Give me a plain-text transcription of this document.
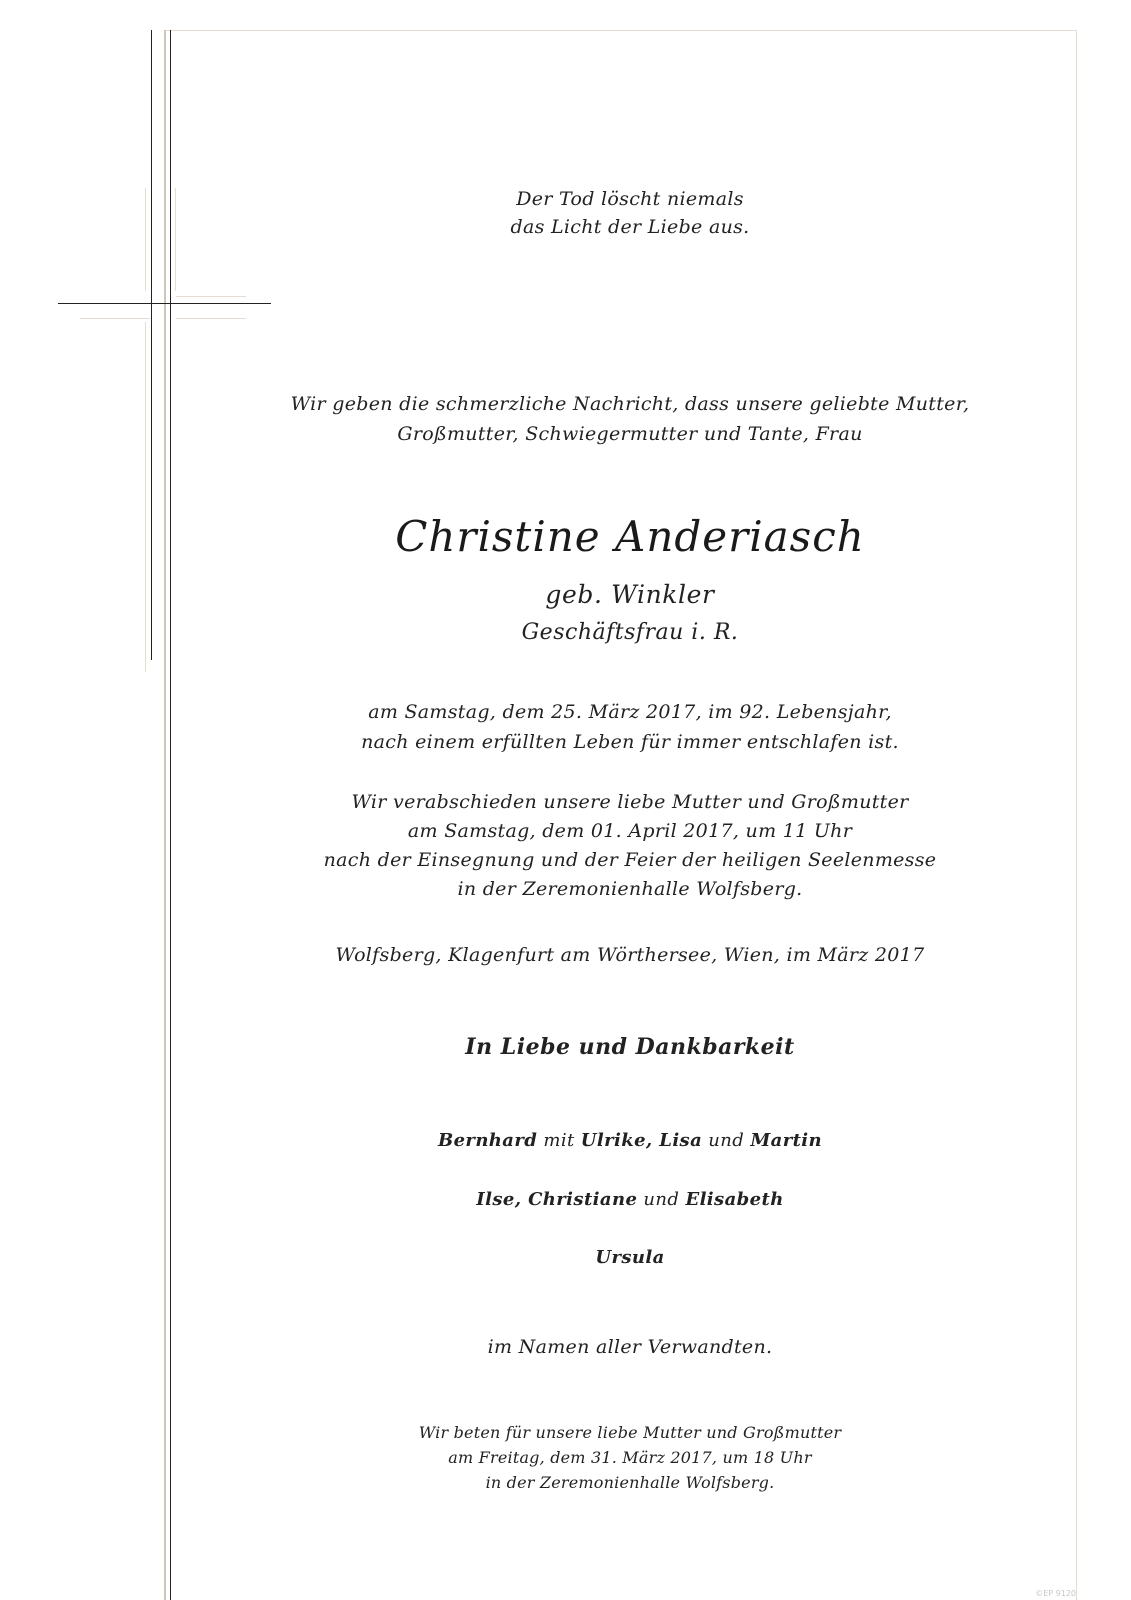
Der Tod löscht niemals
das Licht der Liebe aus.
Wir geben die schmerzliche Nachricht, dass unsere geliebte Mutter,
Großmutter, Schwiegermutter und Tante, Frau
Christine Anderiasch
geb. Winkler
Geschäftsfrau i. R.
am Samstag, dem 25. März 2017, im 92. Lebensjahr,
nach einem erfüllten Leben für immer entschlafen ist.
Wir verabschieden unsere liebe Mutter und Großmutter
am Samstag, dem 01. April 2017, um 11 Uhr
nach der Einsegnung und der Feier der heiligen Seelenmesse
in der Zeremonienhalle Wolfsberg.
Wolfsberg, Klagenfurt am Wörthersee, Wien, im März 2017
In Liebe und Dankbarkeit
Bernhard mit Ulrike, Lisa und Martin
Ilse, Christiane und Elisabeth
Ursula
im Namen aller Verwandten.
Wir beten für unsere liebe Mutter und Großmutter
am Freitag, dem 31. März 2017, um 18 Uhr
in der Zeremonienhalle Wolfsberg.
©EP 9120
